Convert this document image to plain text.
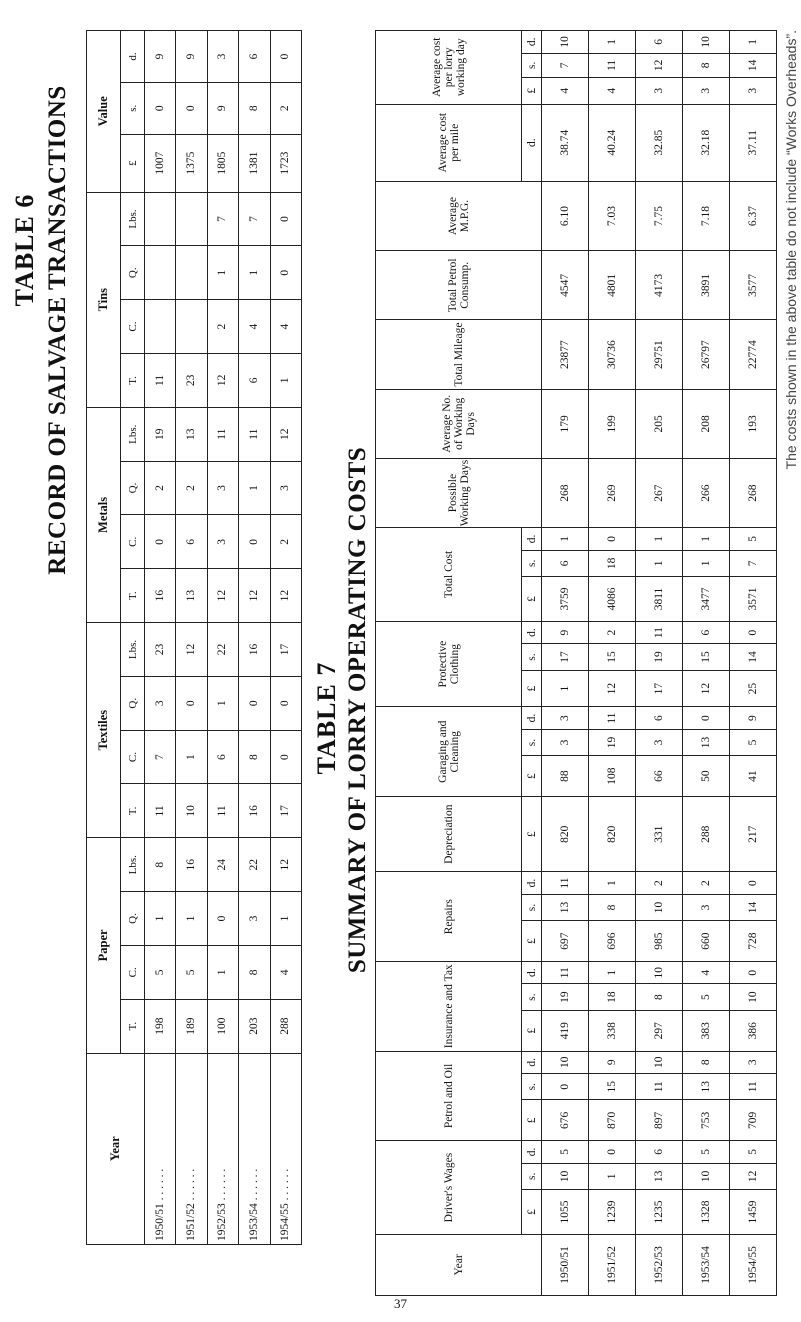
TABLE 6 RECORD OF SALVAGE TRANSACTIONS
Year	Paper				Textiles				Metals				Tins				Value		
	T.	C.	Q.	Lbs.	T.	C.	Q.	Lbs.	T.	C.	Q.	Lbs.	T.	C.	Q.	Lbs.	£	s.	d.
1950/51 . . . . . .	198	5	1	8	11	7	3	23	16	0	2	19	11				1007	0	9
1951/52 . . . . . .	189	5	1	16	10	1	0	12	13	6	2	13	23				1375	0	9
1952/53 . . . . . .	100	1	0	24	11	6	1	22	12	3	3	11	12	2	1	7	1805	9	3
1953/54 . . . . . .	203	8	3	22	16	8	0	16	12	0	1	11	6	4	1	7	1381	8	6
1954/55 . . . . . .	288	4	1	12	17	0	0	17	12	2	3	12	1	4	0	0	1723	2	0
TABLE 7 SUMMARY OF LORRY OPERATING COSTS
Year	Driver's Wages			Petrol and Oil			Insurance and Tax			Repairs			Depreciation	Garaging and Cleaning			Protective Clothing			Total Cost			Possible Working Days	Average No. of Working Days	Total Mileage	Total Petrol Consump.	Average M.P.G.	Average cost per mile	Average cost per lorry working day		
	£	s.	d.	£	s.	d.	£	s.	d.	£	s.	d.	£	£	s.	d.	£	s.	d.	£	s.	d.						d.	£	s.	d.
1950/51	1055	10	5	676	0	10	419	19	11	697	13	11	820	88	3	3	1	17	9	3759	6	1	268	179	23877	4547	6.10	38.74	4	7	10
1951/52	1239	1	0	870	15	9	338	18	1	696	8	1	820	108	19	11	12	15	2	4086	18	0	269	199	30736	4801	7.03	40.24	4	11	1
1952/53	1235	13	6	897	11	10	297	8	10	985	10	2	331	66	3	6	17	19	11	3811	1	1	267	205	29751	4173	7.75	32.85	3	12	6
1953/54	1328	10	5	753	13	8	383	5	4	660	3	2	288	50	13	0	12	15	6	3477	1	1	266	208	26797	3891	7.18	32.18	3	8	10
1954/55	1459	12	5	709	11	3	386	10	0	728	14	0	217	41	5	9	25	14	0	3571	7	5	268	193	22774	3577	6.37	37.11	3	14	1 The costs shown in the above table do not include “Works Overheads”.
37
